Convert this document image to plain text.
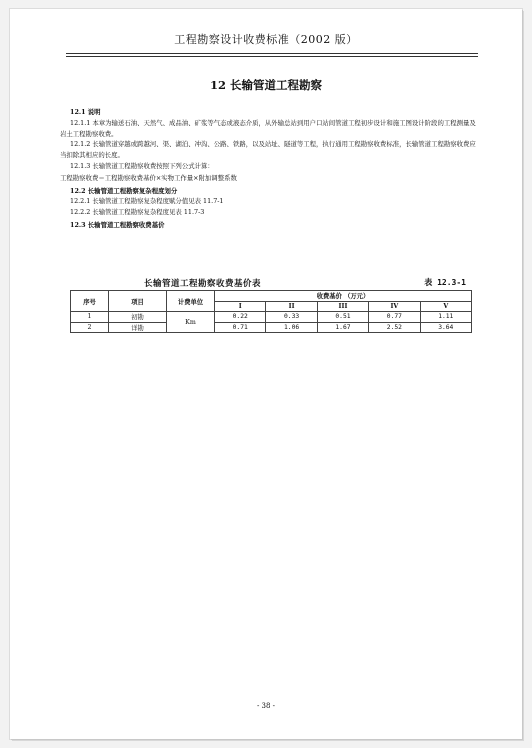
工程勘察设计收费标准（2002 版）
12 长输管道工程勘察

12.1 说明

12.1.1 本章为输送石油、天然气、成品油、矿浆等气态或液态介质，从外输总站到用户口站间管道工程初步设计和施工图设计阶段的工程测量及岩土工程勘察收费。

12.1.2 长输管道穿越或跨越河、渠、湖泊、冲沟、公路、铁路，以及站址、隧道等工程，执行通用工程勘察收费标准，长输管道工程勘察收费应当扣除其相应的长度。

12.1.3 长输管道工程勘察收费按照下列公式计算：

工程勘察收费＝工程勘察收费基价×实物工作量×附加调整系数

12.2 长输管道工程勘察复杂程度划分

12.2.1 长输管道工程勘察复杂程度赋分值见表 11.7-1

12.2.2 长输管道工程勘察复杂程度见表 11.7-3

12.3 长输管道工程勘察收费基价

长输管道工程勘察收费基价表	表 12.3-1
序号	项目	计费单位	收费基价 （万元）				
			I	II	III	IV	V
1	初勘	Km	0.22	0.33	0.51	0.77	1.11
2	详勘		0.71	1.06	1.67	2.52	3.64
- 38 -
